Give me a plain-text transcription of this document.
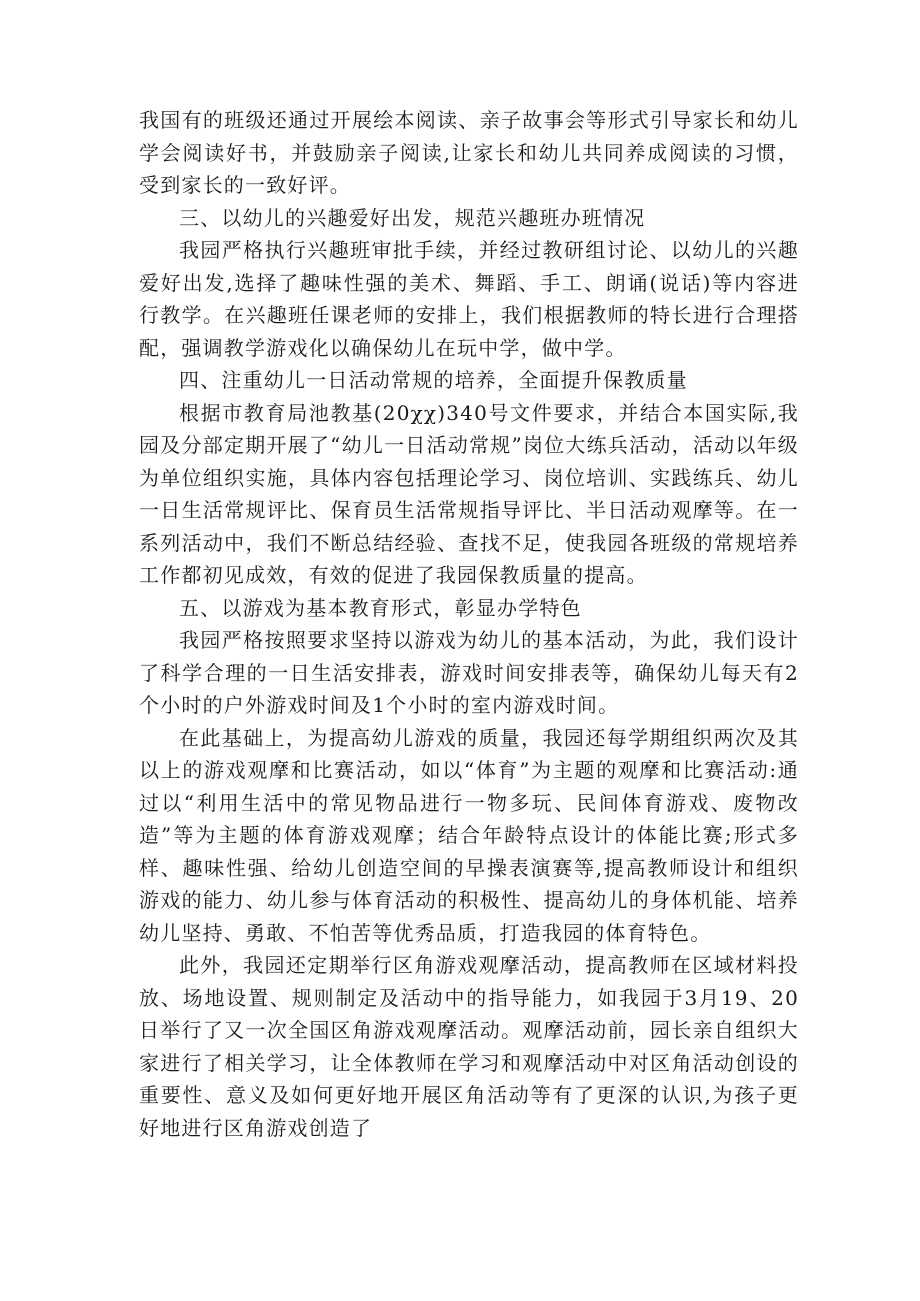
我国有的班级还通过开展绘本阅读、亲子故事会等形式引导家长和幼儿学会阅读好书，并鼓励亲子阅读,让家长和幼儿共同养成阅读的习惯，受到家长的一致好评。

三、以幼儿的兴趣爱好出发，规范兴趣班办班情况

我园严格执行兴趣班审批手续，并经过教研组讨论、以幼儿的兴趣爱好出发,选择了趣味性强的美术、舞蹈、手工、朗诵(说话)等内容进行教学。在兴趣班任课老师的安排上，我们根据教师的特长进行合理搭配，强调教学游戏化以确保幼儿在玩中学，做中学。

四、注重幼儿一日活动常规的培养，全面提升保教质量

根据市教育局池教基(20χχ)340号文件要求，并结合本国实际,我园及分部定期开展了“幼儿一日活动常规”岗位大练兵活动，活动以年级为单位组织实施，具体内容包括理论学习、岗位培训、实践练兵、幼儿一日生活常规评比、保育员生活常规指导评比、半日活动观摩等。在一系列活动中，我们不断总结经验、查找不足，使我园各班级的常规培养工作都初见成效，有效的促进了我园保教质量的提高。

五、以游戏为基本教育形式，彰显办学特色

我园严格按照要求坚持以游戏为幼儿的基本活动，为此，我们设计了科学合理的一日生活安排表，游戏时间安排表等，确保幼儿每天有2个小时的户外游戏时间及1个小时的室内游戏时间。

在此基础上，为提高幼儿游戏的质量，我园还每学期组织两次及其以上的游戏观摩和比赛活动，如以“体育”为主题的观摩和比赛活动:通过以“利用生活中的常见物品进行一物多玩、民间体育游戏、废物改造”等为主题的体育游戏观摩；结合年龄特点设计的体能比赛;形式多样、趣味性强、给幼儿创造空间的早操表演赛等,提高教师设计和组织游戏的能力、幼儿参与体育活动的积极性、提高幼儿的身体机能、培养幼儿坚持、勇敢、不怕苦等优秀品质，打造我园的体育特色。

此外，我园还定期举行区角游戏观摩活动，提高教师在区域材料投放、场地设置、规则制定及活动中的指导能力，如我园于3月19、20日举行了又一次全国区角游戏观摩活动。观摩活动前，园长亲自组织大家进行了相关学习，让全体教师在学习和观摩活动中对区角活动创设的重要性、意义及如何更好地开展区角活动等有了更深的认识,为孩子更好地进行区角游戏创造了
